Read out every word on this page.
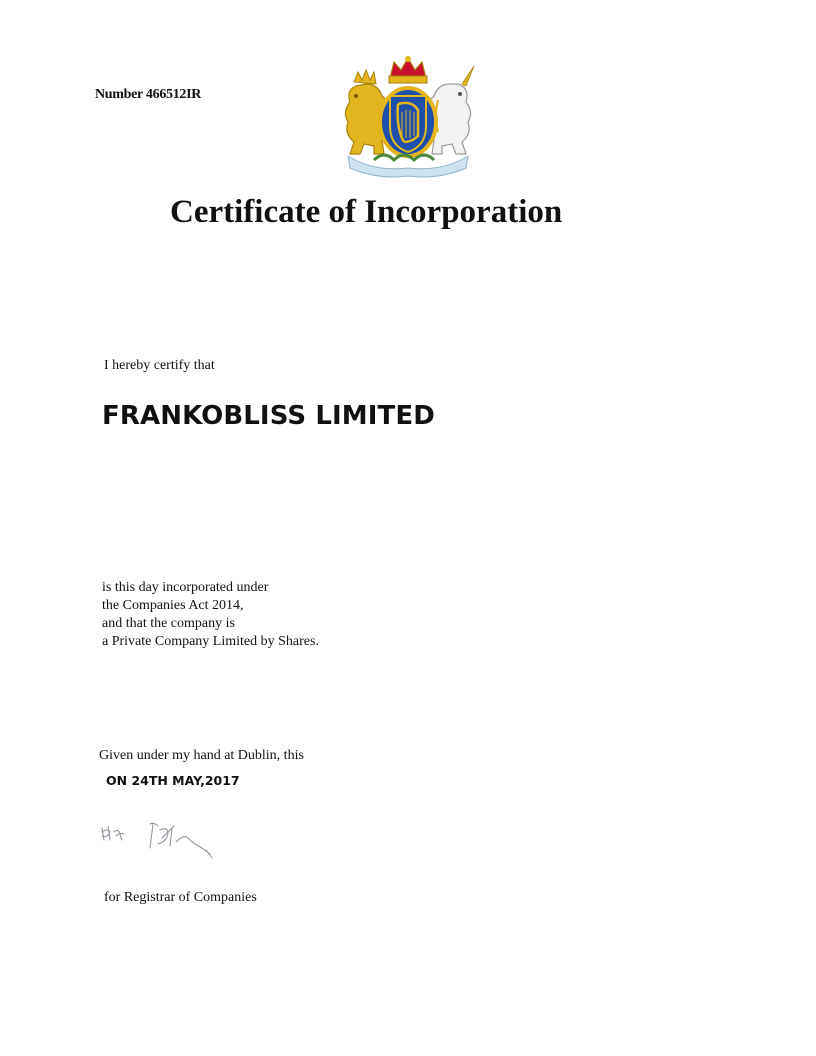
Number 466512IR
Certificate of Incorporation
I hereby certify that
FRANKOBLISS LIMITED
is this day incorporated under
the Companies Act 2014,
and that the company is
a Private Company Limited by Shares.
Given under my hand at Dublin, this
ON 24TH MAY,2017
for Registrar of Companies
